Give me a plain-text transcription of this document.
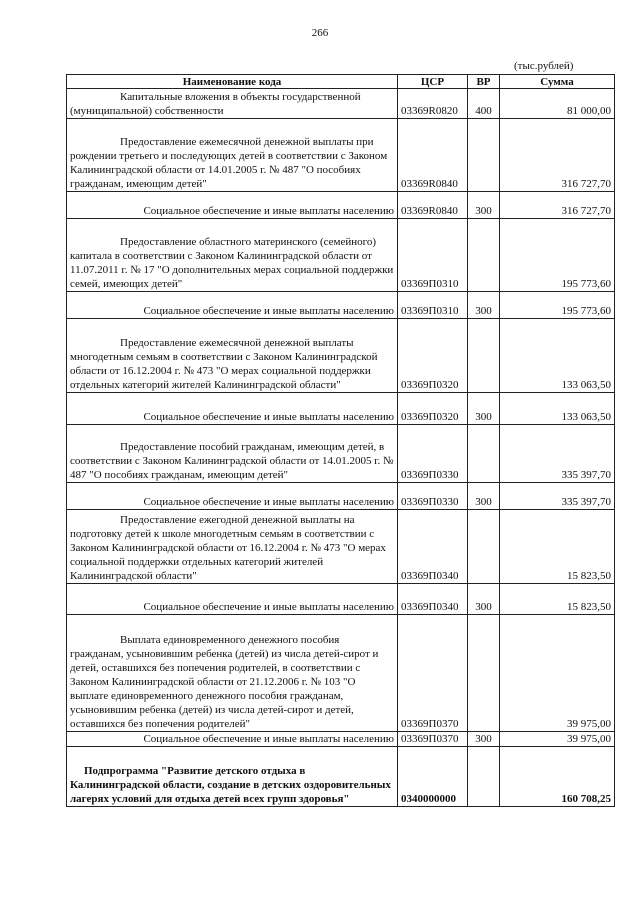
266
(тыс.рублей)
Наименование кода	ЦСР	ВР	Сумма

Капитальные вложения в объекты государственной (муниципальной) собственности	03369R0820	400	81 000,00

Предоставление ежемесячной денежной выплаты при рождении третьего и последующих детей в соответствии с Законом Калининградской области от 14.01.2005 г. № 487 "О пособиях гражданам, имеющим детей"	03369R0840		316 727,70
Социальное обеспечение и иные выплаты населению	03369R0840	300	316 727,70

Предоставление областного материнского (семейного) капитала в соответствии с Законом Калининградской области от 11.07.2011 г. № 17 "О дополнительных мерах социальной поддержки семей, имеющих детей"	03369П0310		195 773,60
Социальное обеспечение и иные выплаты населению	03369П0310	300	195 773,60

Предоставление ежемесячной денежной выплаты многодетным семьям в соответствии с Законом Калининградской области от 16.12.2004 г. № 473 "О мерах социальной поддержки отдельных категорий жителей Калининградской области"	03369П0320		133 063,50
Социальное обеспечение и иные выплаты населению	03369П0320	300	133 063,50

Предоставление пособий гражданам, имеющим детей, в соответствии с Законом Калининградской области от 14.01.2005 г. № 487 "О пособиях гражданам, имеющим детей"	03369П0330		335 397,70
Социальное обеспечение и иные выплаты населению	03369П0330	300	335 397,70

Предоставление ежегодной денежной выплаты на подготовку детей к школе многодетным семьям в соответствии с Законом Калининградской области от 16.12.2004 г. № 473 "О мерах социальной поддержки отдельных категорий жителей Калининградской области"	03369П0340		15 823,50
Социальное обеспечение и иные выплаты населению	03369П0340	300	15 823,50

Выплата единовременного денежного пособия гражданам, усыновившим ребенка (детей) из числа детей-сирот и детей, оставшихся без попечения родителей, в соответствии с Законом Калининградской области от 21.12.2006 г. № 103 "О выплате единовременного денежного пособия гражданам, усыновившим ребенка (детей) из числа детей-сирот и детей, оставшихся без попечения родителей"	03369П0370		39 975,00
Социальное обеспечение и иные выплаты населению	03369П0370	300	39 975,00

Подпрограмма "Развитие детского отдыха в Калининградской области, создание в детских оздоровительных лагерях условий для отдыха детей всех групп здоровья"	0340000000		160 708,25
